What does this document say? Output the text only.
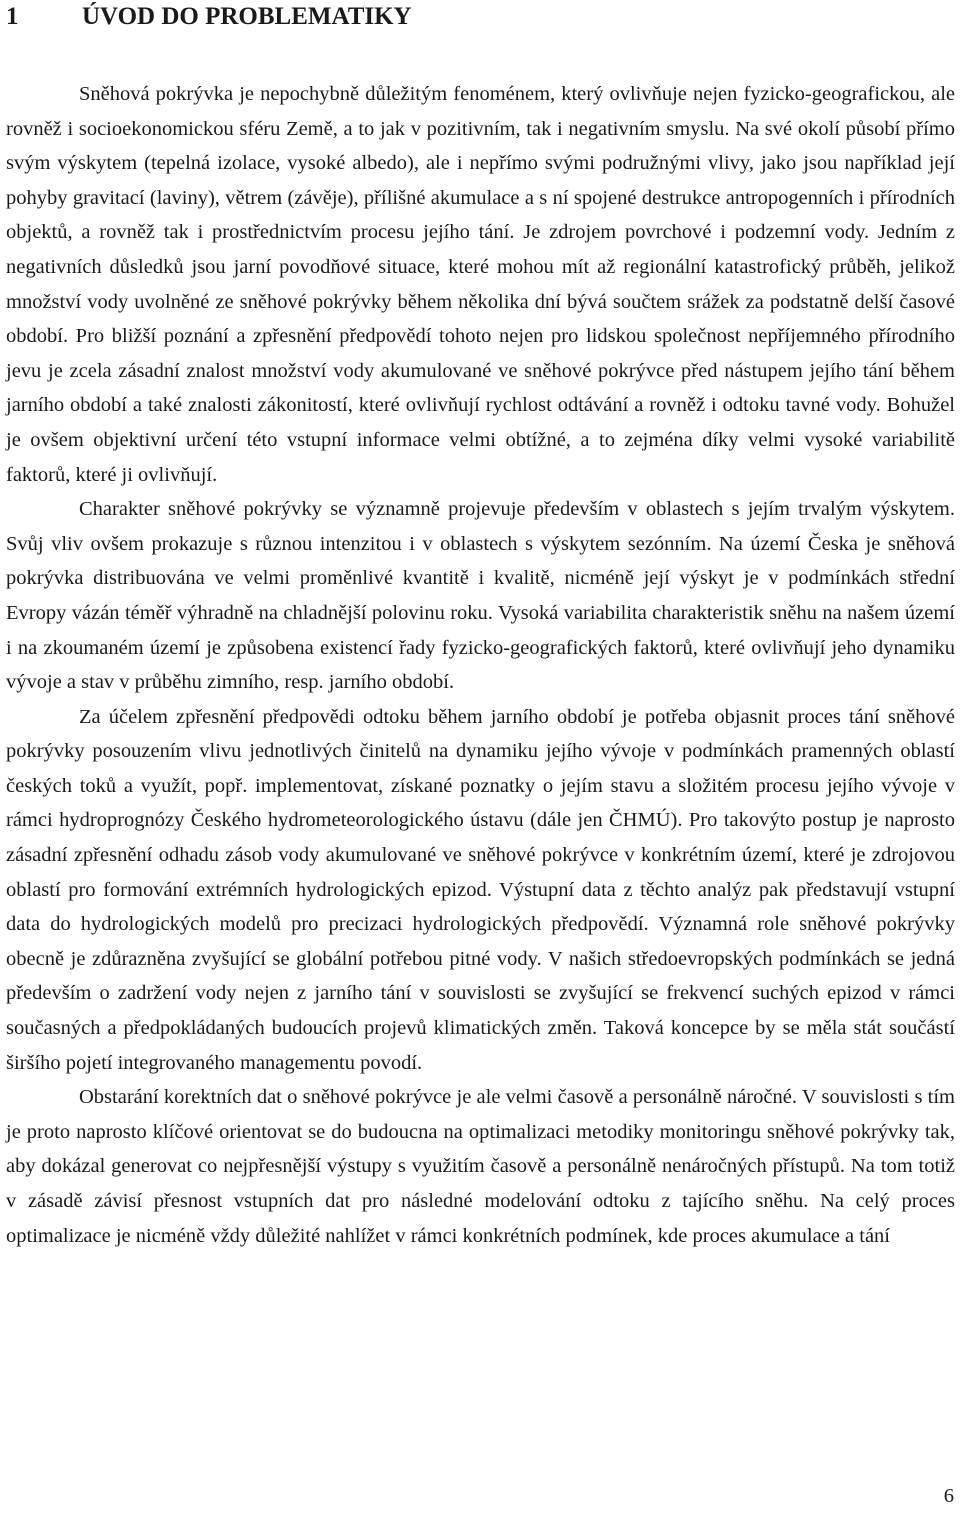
1	ÚVOD DO PROBLEMATIKY

Sněhová pokrývka je nepochybně důležitým fenoménem, který ovlivňuje nejen fyzicko-geografickou, ale rovněž i socioekonomickou sféru Země, a to jak v pozitivním, tak i negativním smyslu. Na své okolí působí přímo svým výskytem (tepelná izolace, vysoké albedo), ale i nepřímo svými podružnými vlivy, jako jsou například její pohyby gravitací (laviny), větrem (závěje), přílišné akumulace a s ní spojené destrukce antropogenních i přírodních objektů, a rovněž tak i prostřednictvím procesu jejího tání. Je zdrojem povrchové i podzemní vody. Jedním z negativních důsledků jsou jarní povodňové situace, které mohou mít až regionální katastrofický průběh, jelikož množství vody uvolněné ze sněhové pokrývky během několika dní bývá součtem srážek za podstatně delší časové období. Pro bližší poznání a zpřesnění předpovědí tohoto nejen pro lidskou společnost nepříjemného přírodního jevu je zcela zásadní znalost množství vody akumulované ve sněhové pokrývce před nástupem jejího tání během jarního období a také znalosti zákonitostí, které ovlivňují rychlost odtávání a rovněž i odtoku tavné vody. Bohužel je ovšem objektivní určení této vstupní informace velmi obtížné, a to zejména díky velmi vysoké variabilitě faktorů, které ji ovlivňují.

Charakter sněhové pokrývky se významně projevuje především v oblastech s jejím trvalým výskytem. Svůj vliv ovšem prokazuje s různou intenzitou i v oblastech s výskytem sezónním. Na území Česka je sněhová pokrývka distribuována ve velmi proměnlivé kvantitě i kvalitě, nicméně její výskyt je v podmínkách střední Evropy vázán téměř výhradně na chladnější polovinu roku. Vysoká variabilita charakteristik sněhu na našem území i na zkoumaném území je způsobena existencí řady fyzicko-geografických faktorů, které ovlivňují jeho dynamiku vývoje a stav v průběhu zimního, resp. jarního období.

Za účelem zpřesnění předpovědi odtoku během jarního období je potřeba objasnit proces tání sněhové pokrývky posouzením vlivu jednotlivých činitelů na dynamiku jejího vývoje v podmínkách pramenných oblastí českých toků a využít, popř. implementovat, získané poznatky o jejím stavu a složitém procesu jejího vývoje v rámci hydroprognózy Českého hydrometeorologického ústavu (dále jen ČHMÚ). Pro takovýto postup je naprosto zásadní zpřesnění odhadu zásob vody akumulované ve sněhové pokrývce v konkrétním území, které je zdrojovou oblastí pro formování extrémních hydrologických epizod. Výstupní data z těchto analýz pak představují vstupní data do hydrologických modelů pro precizaci hydrologických předpovědí. Významná role sněhové pokrývky obecně je zdůrazněna zvyšující se globální potřebou pitné vody. V našich středoevropských podmínkách se jedná především o zadržení vody nejen z jarního tání v souvislosti se zvyšující se frekvencí suchých epizod v rámci současných a předpokládaných budoucích projevů klimatických změn. Taková koncepce by se měla stát součástí širšího pojetí integrovaného managementu povodí.

Obstarání korektních dat o sněhové pokrývce je ale velmi časově a personálně náročné. V souvislosti s tím je proto naprosto klíčové orientovat se do budoucna na optimalizaci metodiky monitoringu sněhové pokrývky tak, aby dokázal generovat co nejpřesnější výstupy s využitím časově a personálně nenáročných přístupů. Na tom totiž v zásadě závisí přesnost vstupních dat pro následné modelování odtoku z tajícího sněhu. Na celý proces optimalizace je nicméně vždy důležité nahlížet v rámci konkrétních podmínek, kde proces akumulace a tání

6
